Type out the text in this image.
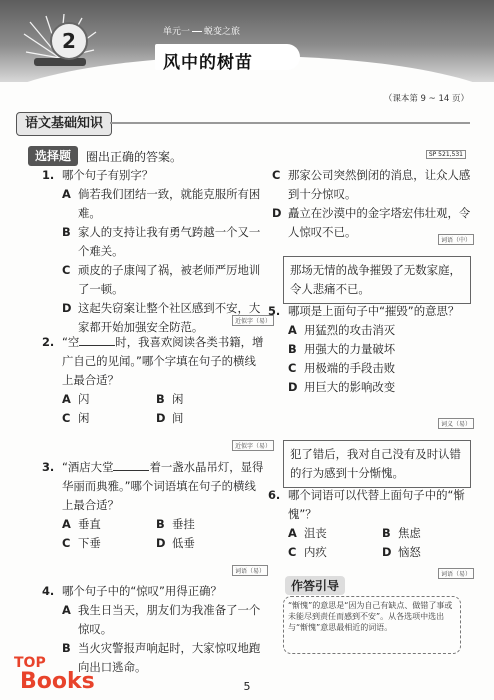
2	单元一 蜕变之旅
风中的树苗
（课本第 9 ~ 14 页）
语文基础知识
选择题	圈出正确的答案。	SP 521,531
1. 哪个句子有别字？
A 倘若我们团结一致，就能克服所有困难。
B 家人的支持让我有勇气跨越一个又一个难关。
C 顽皮的子康闯了祸，被老师严厉地训了一顿。
D 这起失窃案让整个社区感到不安，大家都开始加强安全防范。	近似字（易）
2. “空	时，我喜欢阅读各类书籍，增广自己的见闻。”哪个字填在句子的横线上最合适？
A 闪	B 闲
C 闲	D 间
近似字（易）
3. “酒店大堂	着一盏水晶吊灯，显得华丽而典雅。”哪个词语填在句子的横线上最合适？
A 垂直	B 垂挂
C 下垂	D 低垂
词语（易）
4. 哪个句子中的“惊叹”用得正确？
A 我生日当天，朋友们为我准备了一个惊叹。
B 当火灾警报声响起时，大家惊叹地跑向出口逃命。
C 那家公司突然倒闭的消息，让众人感到十分惊叹。
D 矗立在沙漠中的金字塔宏伟壮观，令人惊叹不已。
词语（中）
那场无情的战争摧毁了无数家庭，令人悲痛不已。
5. 哪项是上面句子中“摧毁”的意思？
A 用猛烈的攻击消灭
B 用强大的力量破坏
C 用极端的手段击败
D 用巨大的影响改变
词义（易）
犯了错后，我对自己没有及时认错的行为感到十分惭愧。
6. 哪个词语可以代替上面句子中的“惭愧”？
A 沮丧	B 焦虑
C 内疚	D 恼怒
词语（易）
作答引导
“惭愧”的意思是“因为自己有缺点、做错了事或未能尽到责任而感到不安”。从各选项中选出与“惭愧”意思最相近的词语。
5
TOP
Books
